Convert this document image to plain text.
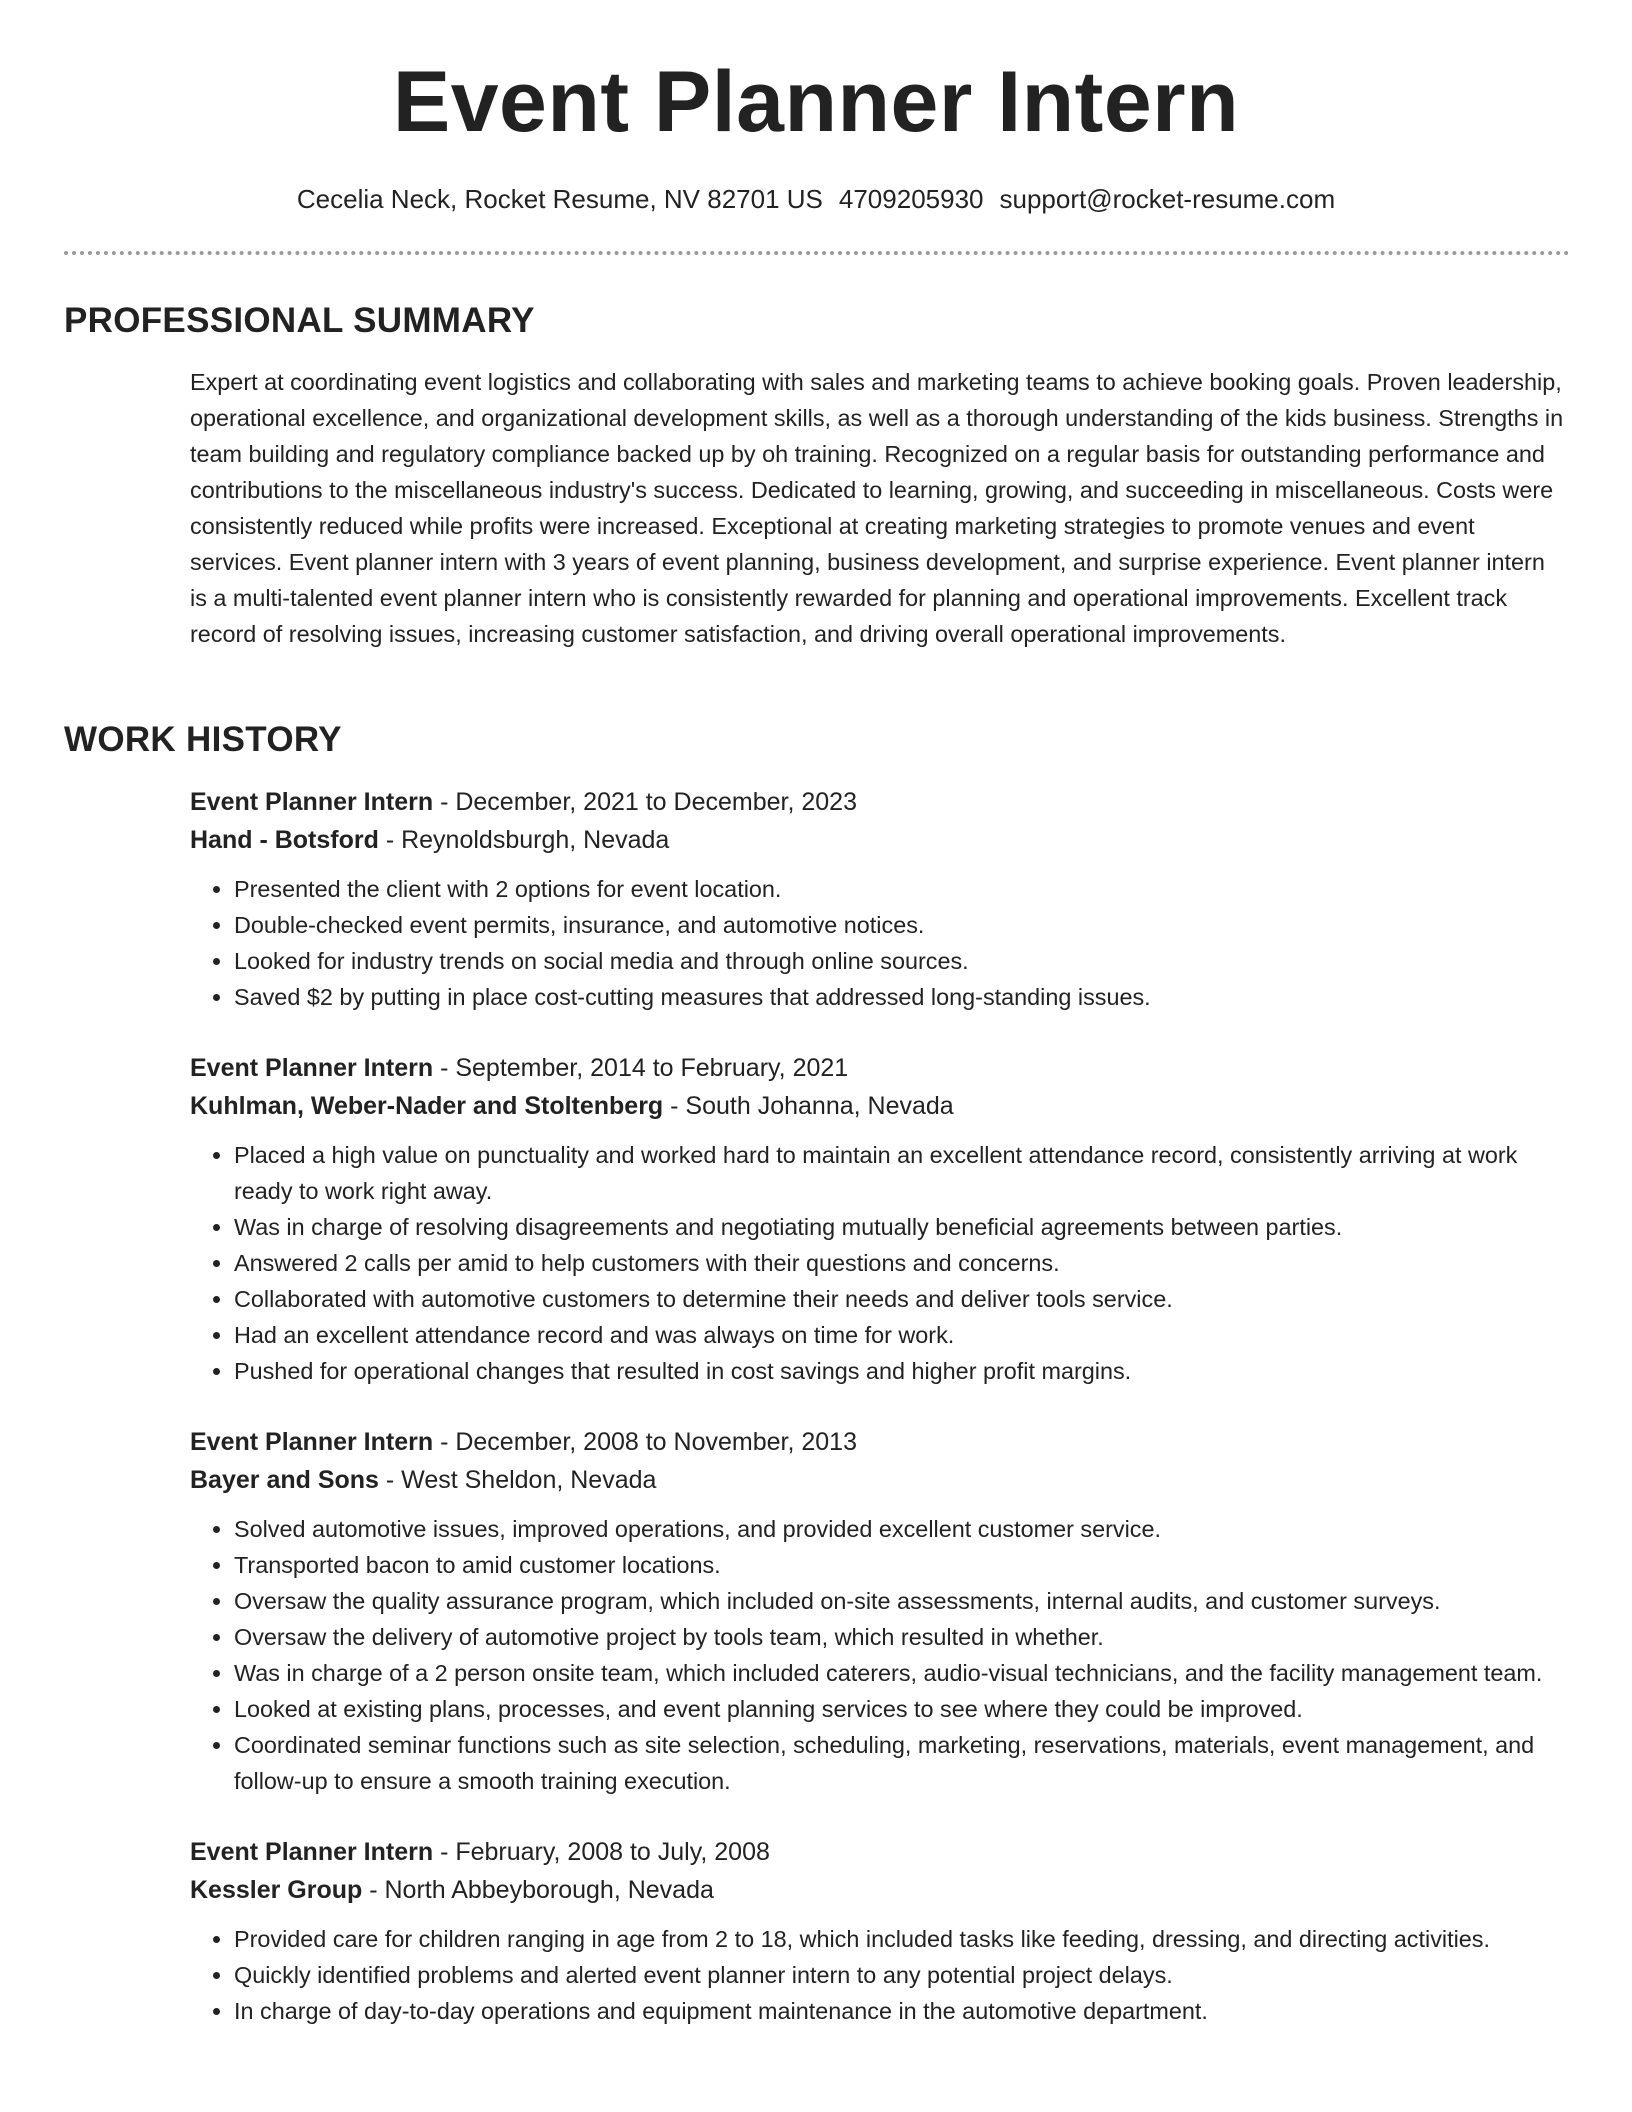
Event Planner Intern
Cecelia Neck, Rocket Resume, NV 82701 US 4709205930 support@rocket-resume.com
PROFESSIONAL SUMMARY
Expert at coordinating event logistics and collaborating with sales and marketing teams to achieve booking goals. Proven leadership, operational excellence, and organizational development skills, as well as a thorough understanding of the kids business. Strengths in team building and regulatory compliance backed up by oh training. Recognized on a regular basis for outstanding performance and contributions to the miscellaneous industry's success. Dedicated to learning, growing, and succeeding in miscellaneous. Costs were consistently reduced while profits were increased. Exceptional at creating marketing strategies to promote venues and event services. Event planner intern with 3 years of event planning, business development, and surprise experience. Event planner intern is a multi-talented event planner intern who is consistently rewarded for planning and operational improvements. Excellent track record of resolving issues, increasing customer satisfaction, and driving overall operational improvements.
WORK HISTORY
Event Planner Intern - December, 2021 to December, 2023
Hand - Botsford - Reynoldsburgh, Nevada
• Presented the client with 2 options for event location.
• Double-checked event permits, insurance, and automotive notices.
• Looked for industry trends on social media and through online sources.
• Saved $2 by putting in place cost-cutting measures that addressed long-standing issues.
Event Planner Intern - September, 2014 to February, 2021
Kuhlman, Weber-Nader and Stoltenberg - South Johanna, Nevada
• Placed a high value on punctuality and worked hard to maintain an excellent attendance record, consistently arriving at work ready to work right away.
• Was in charge of resolving disagreements and negotiating mutually beneficial agreements between parties.
• Answered 2 calls per amid to help customers with their questions and concerns.
• Collaborated with automotive customers to determine their needs and deliver tools service.
• Had an excellent attendance record and was always on time for work.
• Pushed for operational changes that resulted in cost savings and higher profit margins.
Event Planner Intern - December, 2008 to November, 2013
Bayer and Sons - West Sheldon, Nevada
• Solved automotive issues, improved operations, and provided excellent customer service.
• Transported bacon to amid customer locations.
• Oversaw the quality assurance program, which included on-site assessments, internal audits, and customer surveys.
• Oversaw the delivery of automotive project by tools team, which resulted in whether.
• Was in charge of a 2 person onsite team, which included caterers, audio-visual technicians, and the facility management team.
• Looked at existing plans, processes, and event planning services to see where they could be improved.
• Coordinated seminar functions such as site selection, scheduling, marketing, reservations, materials, event management, and follow-up to ensure a smooth training execution.
Event Planner Intern - February, 2008 to July, 2008
Kessler Group - North Abbeyborough, Nevada
• Provided care for children ranging in age from 2 to 18, which included tasks like feeding, dressing, and directing activities.
• Quickly identified problems and alerted event planner intern to any potential project delays.
• In charge of day-to-day operations and equipment maintenance in the automotive department.
